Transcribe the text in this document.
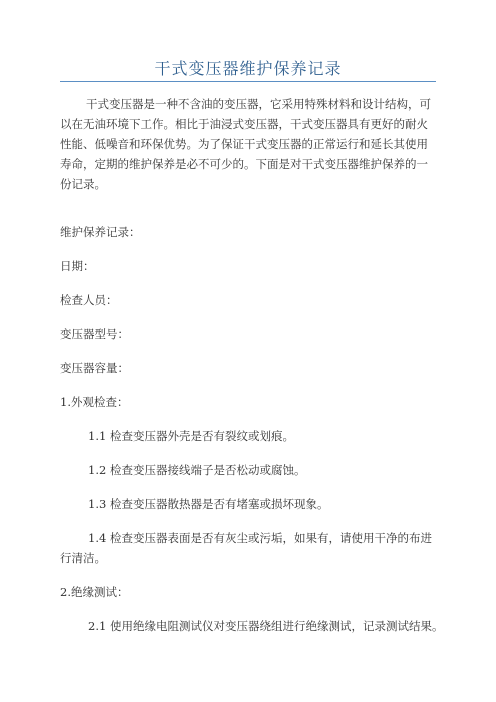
干式变压器维护保养记录
干式变压器是一种不含油的变压器，它采用特殊材料和设计结构，可
以在无油环境下工作。相比于油浸式变压器，干式变压器具有更好的耐火
性能、低噪音和环保优势。为了保证干式变压器的正常运行和延长其使用
寿命，定期的维护保养是必不可少的。下面是对干式变压器维护保养的一
份记录。
维护保养记录：
日期：
检查人员：
变压器型号：
变压器容量：
1.外观检查：
1.1 检查变压器外壳是否有裂纹或划痕。
1.2 检查变压器接线端子是否松动或腐蚀。
1.3 检查变压器散热器是否有堵塞或损坏现象。
1.4 检查变压器表面是否有灰尘或污垢，如果有，请使用干净的布进
行清洁。
2.绝缘测试：
2.1 使用绝缘电阻测试仪对变压器绕组进行绝缘测试，记录测试结果。
